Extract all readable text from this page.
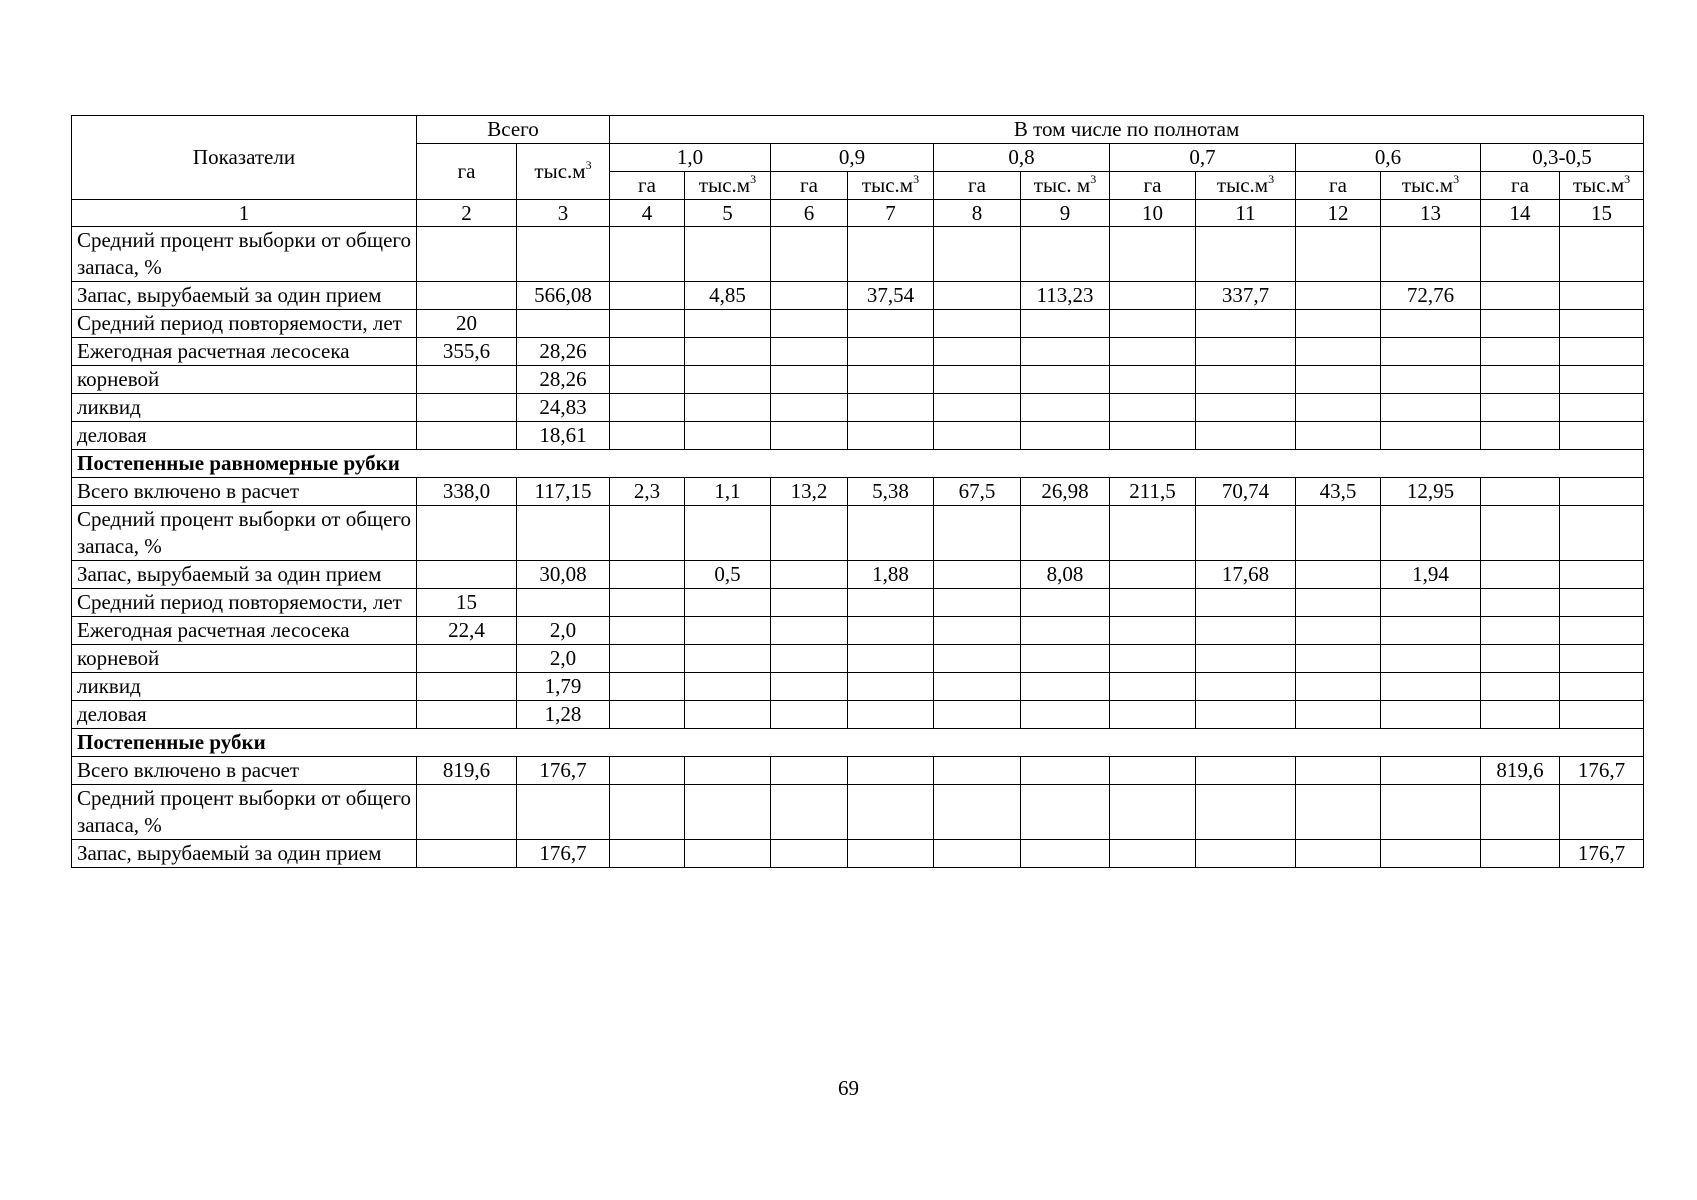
Показатели	Всего		В том числе по полнотам											
	га	$тыс.м^3$	1,0		0,9		0,8		0,7		0,6		0,3-0,5	
			га	$тыс.м^3$	га	$тыс.м^3$	га	тыс. $м^3$	га	$тыс.м^3$	га	$тыс.м^3$	га	$тыс.м^3$
1	2	3	4	5	6	7	8	9	10	11	12	13	14	15
Средний процент выборки от общего запаса, %														
Запас, вырубаемый за один прием		566,08		4,85		37,54		113,23		337,7		72,76		
Средний период повторяемости, лет	20													
Ежегодная расчетная лесосека	355,6	28,26												
корневой		28,26												
ликвид		24,83												
деловая		18,61												
Постепенные равномерные рубки														
Всего включено в расчет	338,0	117,15	2,3	1,1	13,2	5,38	67,5	26,98	211,5	70,74	43,5	12,95		
Средний процент выборки от общего запаса, %														
Запас, вырубаемый за один прием		30,08		0,5		1,88		8,08		17,68		1,94		
Средний период повторяемости, лет	15													
Ежегодная расчетная лесосека	22,4	2,0												
корневой		2,0												
ликвид		1,79												
деловая		1,28												
Постепенные рубки														
Всего включено в расчет	819,6	176,7											819,6	176,7
Средний процент выборки от общего запаса, %														
Запас, вырубаемый за один прием		176,7												176,7
69
